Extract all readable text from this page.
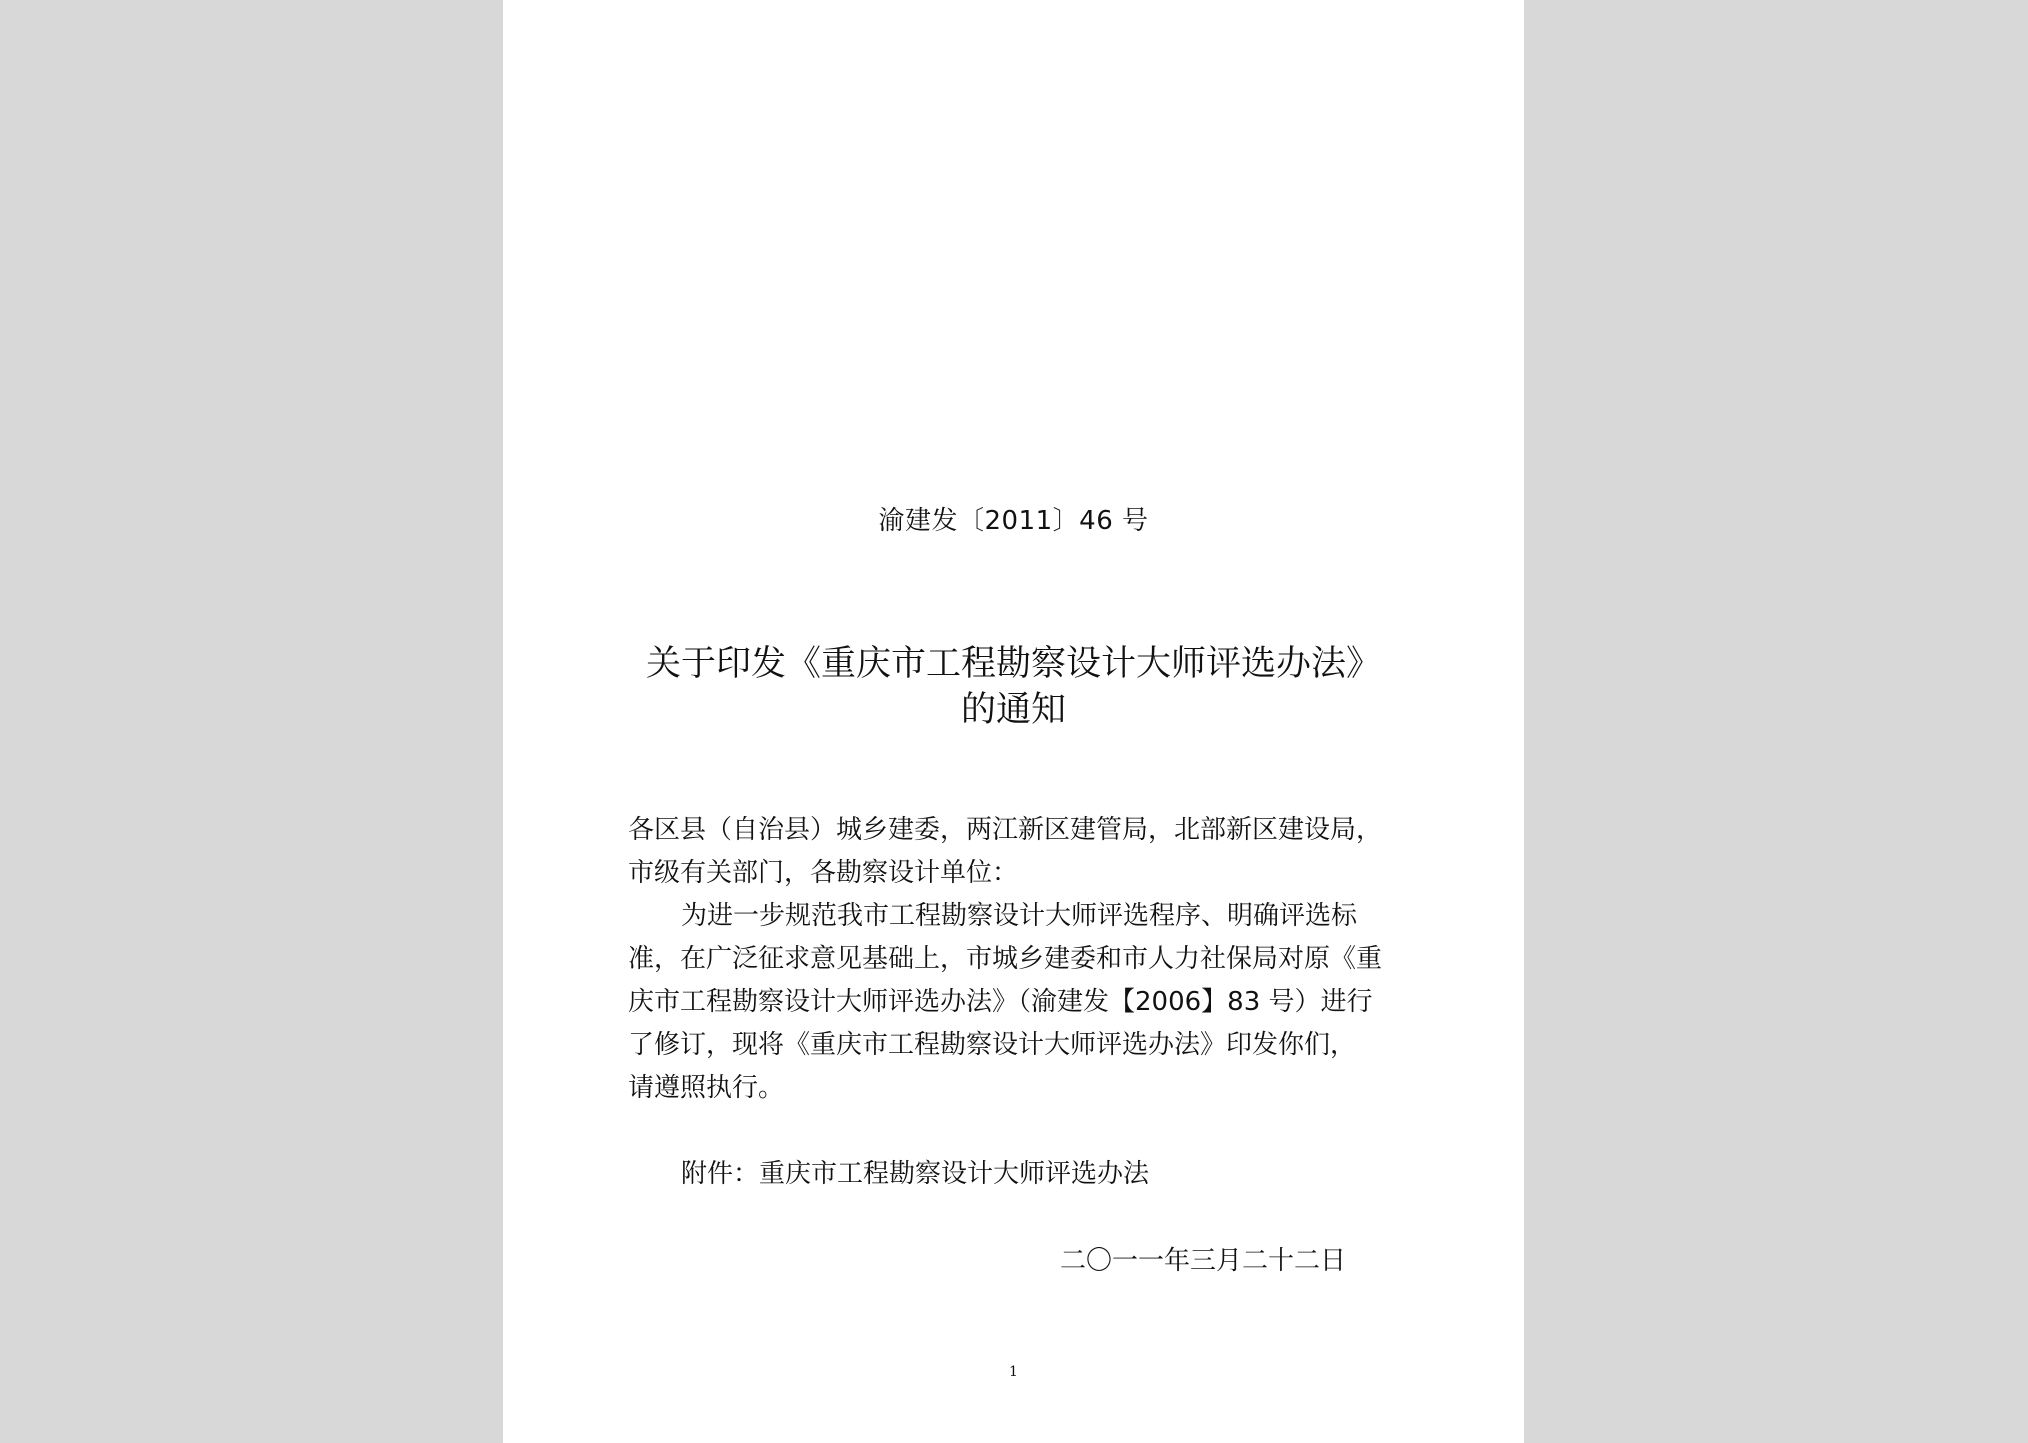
渝建发〔2011〕46 号
关于印发《重庆市工程勘察设计大师评选办法》
的通知
各区县（自治县）城乡建委，两江新区建管局，北部新区建设局，
市级有关部门，各勘察设计单位：
为进一步规范我市工程勘察设计大师评选程序、明确评选标
准，在广泛征求意见基础上，市城乡建委和市人力社保局对原《重
庆市工程勘察设计大师评选办法》（渝建发【2006】83 号）进行
了修订，现将《重庆市工程勘察设计大师评选办法》印发你们，
请遵照执行。
附件：重庆市工程勘察设计大师评选办法
二〇一一年三月二十二日
1
